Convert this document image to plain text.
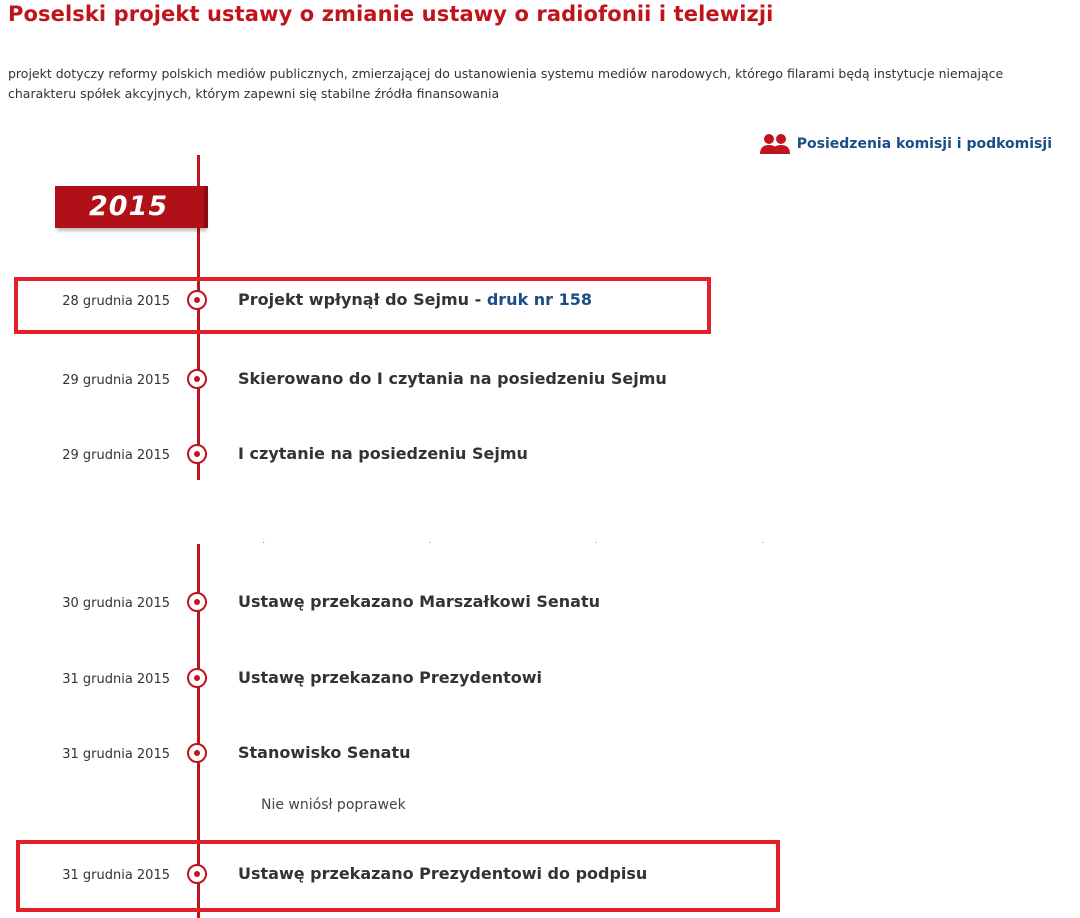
Poselski projekt ustawy o zmianie ustawy o radiofonii i telewizji
projekt dotyczy reformy polskich mediów publicznych, zmierzającej do ustanowienia systemu mediów narodowych, którego filarami będą instytucje niemające charakteru spółek akcyjnych, którym zapewni się stabilne źródła finansowania
Posiedzenia komisji i podkomisji
2015
· · · ·
28 grudnia 2015	Projekt wpłynął do Sejmu - druk nr 158
29 grudnia 2015	Skierowano do I czytania na posiedzeniu Sejmu
29 grudnia 2015	I czytanie na posiedzeniu Sejmu
30 grudnia 2015	Ustawę przekazano Marszałkowi Senatu
31 grudnia 2015	Ustawę przekazano Prezydentowi
31 grudnia 2015	Stanowisko Senatu
Nie wniósł poprawek
31 grudnia 2015	Ustawę przekazano Prezydentowi do podpisu
